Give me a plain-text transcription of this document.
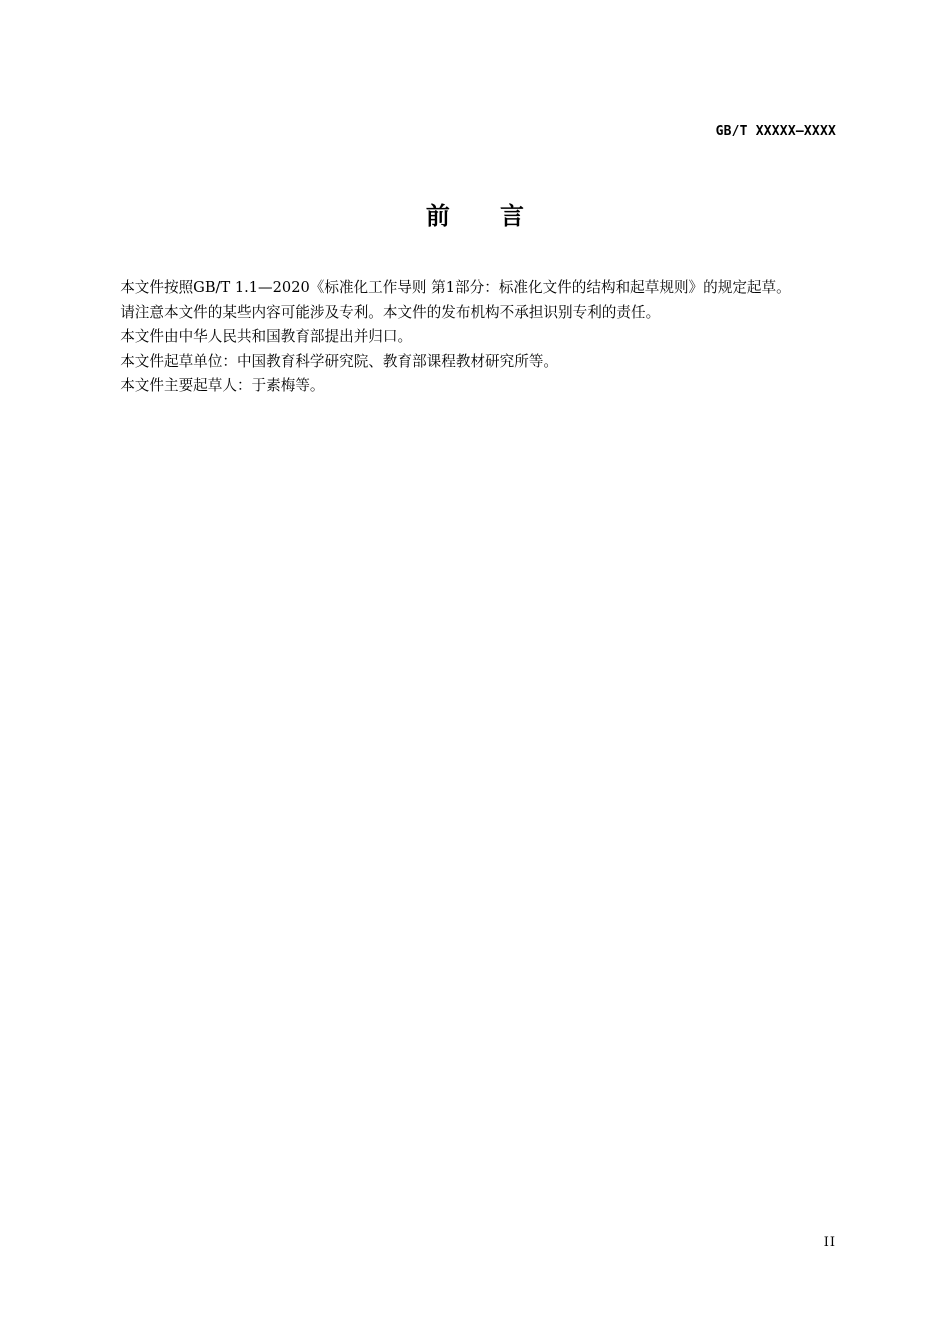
GB/T XXXXX—XXXX
前      言

本文件按照GB/T 1.1—2020《标准化工作导则 第1部分：标准化文件的结构和起草规则》的规定起草。

请注意本文件的某些内容可能涉及专利。本文件的发布机构不承担识别专利的责任。

本文件由中华人民共和国教育部提出并归口。

本文件起草单位：中国教育科学研究院、教育部课程教材研究所等。

本文件主要起草人：于素梅等。

II
